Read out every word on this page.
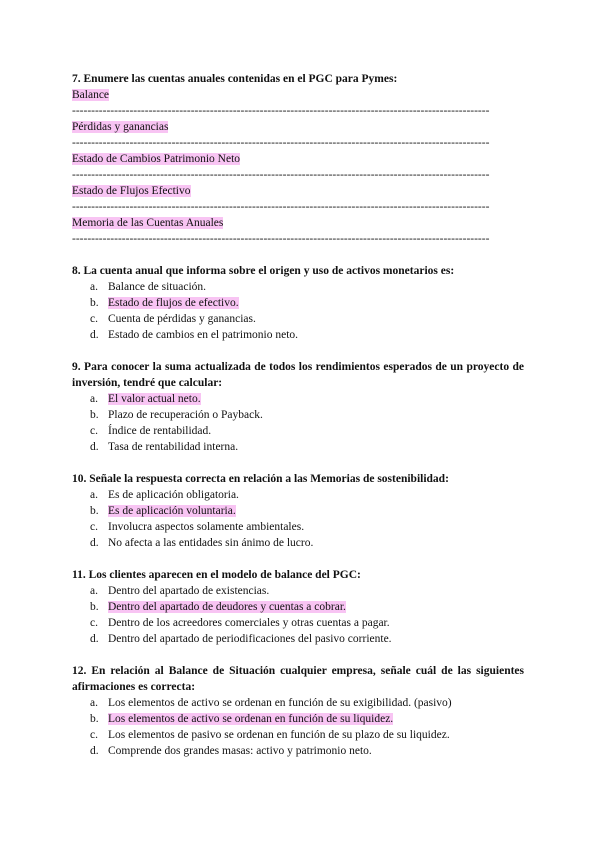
7. Enumere las cuentas anuales contenidas en el PGC para Pymes:

Balance
-------------------------------------------------------------------------------------------------------------
Pérdidas y ganancias
-------------------------------------------------------------------------------------------------------------
Estado de Cambios Patrimonio Neto
-------------------------------------------------------------------------------------------------------------
Estado de Flujos Efectivo
-------------------------------------------------------------------------------------------------------------
Memoria de las Cuentas Anuales
-------------------------------------------------------------------------------------------------------------

8. La cuenta anual que informa sobre el origen y uso de activos monetarios es:

a. Balance de situación.
b. Estado de flujos de efectivo.
c. Cuenta de pérdidas y ganancias.
d. Estado de cambios en el patrimonio neto.

9. Para conocer la suma actualizada de todos los rendimientos esperados de un proyecto de inversión, tendré que calcular:

a. El valor actual neto.
b. Plazo de recuperación o Payback.
c. Índice de rentabilidad.
d. Tasa de rentabilidad interna.

10. Señale la respuesta correcta en relación a las Memorias de sostenibilidad:

a. Es de aplicación obligatoria.
b. Es de aplicación voluntaria.
c. Involucra aspectos solamente ambientales.
d. No afecta a las entidades sin ánimo de lucro.

11. Los clientes aparecen en el modelo de balance del PGC:

a. Dentro del apartado de existencias.
b. Dentro del apartado de deudores y cuentas a cobrar.
c. Dentro de los acreedores comerciales y otras cuentas a pagar.
d. Dentro del apartado de periodificaciones del pasivo corriente.

12. En relación al Balance de Situación cualquier empresa, señale cuál de las siguientes afirmaciones es correcta:

a. Los elementos de activo se ordenan en función de su exigibilidad. (pasivo)
b. Los elementos de activo se ordenan en función de su liquidez.
c. Los elementos de pasivo se ordenan en función de su plazo de su liquidez.
d. Comprende dos grandes masas: activo y patrimonio neto.
